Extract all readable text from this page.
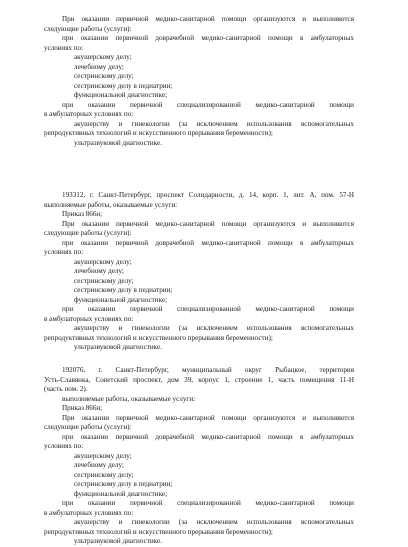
При оказании первичной медико-санитарной помощи организуются и выполняются

следующие работы (услуги):

при оказании первичной доврачебной медико-санитарной помощи в амбулаторных

условиях по:

акушерскому делу;

лечебному делу;

сестринскому делу;

сестринскому делу в педиатрии;

функциональной диагностике;

при оказании первичной специализированной медико-санитарной помощи

в амбулаторных условиях по:

акушерству и гинекологии (за исключением использования вспомогательных

репродуктивных технологий и искусственного прерывания беременности);

ультразвуковой диагностике.

193312, г. Санкт-Петербург, проспект Солидарности, д. 14, корп. 1, лит. А, пом. 57-Н

выполняемые работы, оказываемые услуги:

Приказ 866н;

При оказании первичной медико-санитарной помощи организуются и выполняются

следующие работы (услуги):

при оказании первичной доврачебной медико-санитарной помощи в амбулаторных

условиях по:

акушерскому делу;

лечебному делу;

сестринскому делу;

сестринскому делу в педиатрии;

функциональной диагностике;

при оказании первичной специализированной медико-санитарной помощи

в амбулаторных условиях по:

акушерству и гинекологии (за исключением использования вспомогательных

репродуктивных технологий и искусственного прерывания беременности);

ультразвуковой диагностике.

192076, г. Санкт-Петербург, муниципальный округ Рыбацкое, территория

Усть-Славянка, Советский проспект, дом 39, корпус 1, строение 1, часть помещения 11-Н

(часть пом. 2).

выполняемые работы, оказываемые услуги:

Приказ 866н;

При оказании первичной медико-санитарной помощи организуются и выполняются

следующие работы (услуги):

при оказании первичной доврачебной медико-санитарной помощи в амбулаторных

условиях по:

акушерскому делу;

лечебному делу;

сестринскому делу;

сестринскому делу в педиатрии;

функциональной диагностике;

при оказании первичной специализированной медико-санитарной помощи

в амбулаторных условиях по:

акушерству и гинекологии (за исключением использования вспомогательных

репродуктивных технологий и искусственного прерывания беременности);

ультразвуковой диагностике.
